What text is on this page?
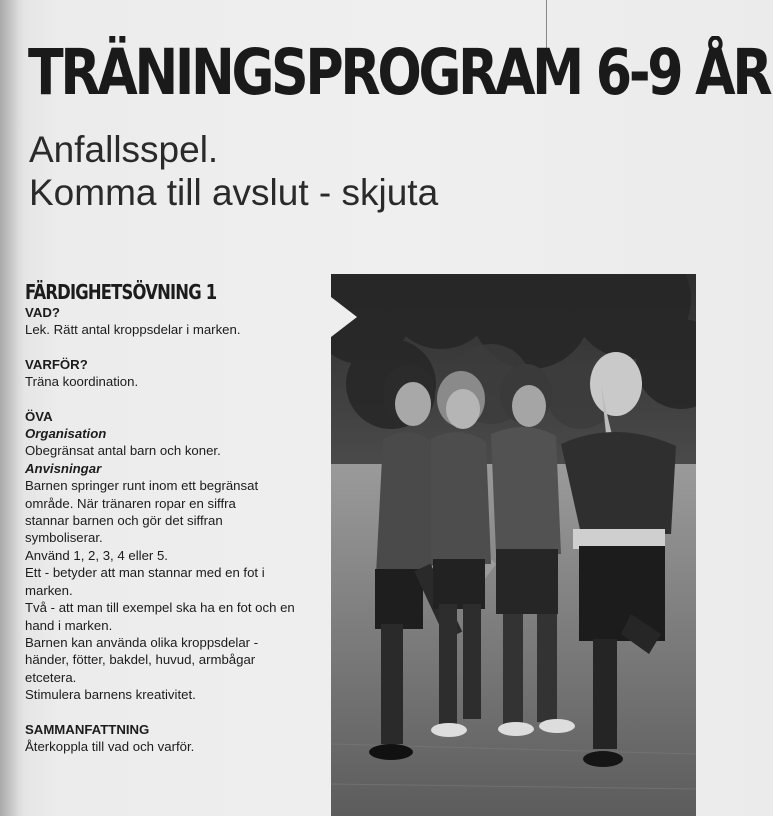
TRÄNINGSPROGRAM 6-9 ÅR
Anfallsspel.
Komma till avslut - skjuta
FÄRDIGHETSÖVNING 1

VAD?

Lek. Rätt antal kroppsdelar i marken.

VARFÖR?

Träna koordination.

ÖVA

Organisation

Obegränsat antal barn och koner.

Anvisningar

Barnen springer runt inom ett begränsat

område. När tränaren ropar en siffra

stannar barnen och gör det siffran

symboliserar.

Använd 1, 2, 3, 4 eller 5.

Ett - betyder att man stannar med en fot i

marken.

Två - att man till exempel ska ha en fot och en

hand i marken.

Barnen kan använda olika kroppsdelar -

händer, fötter, bakdel, huvud, armbågar

etcetera.

Stimulera barnens kreativitet.

SAMMANFATTNING

Återkoppla till vad och varför.
